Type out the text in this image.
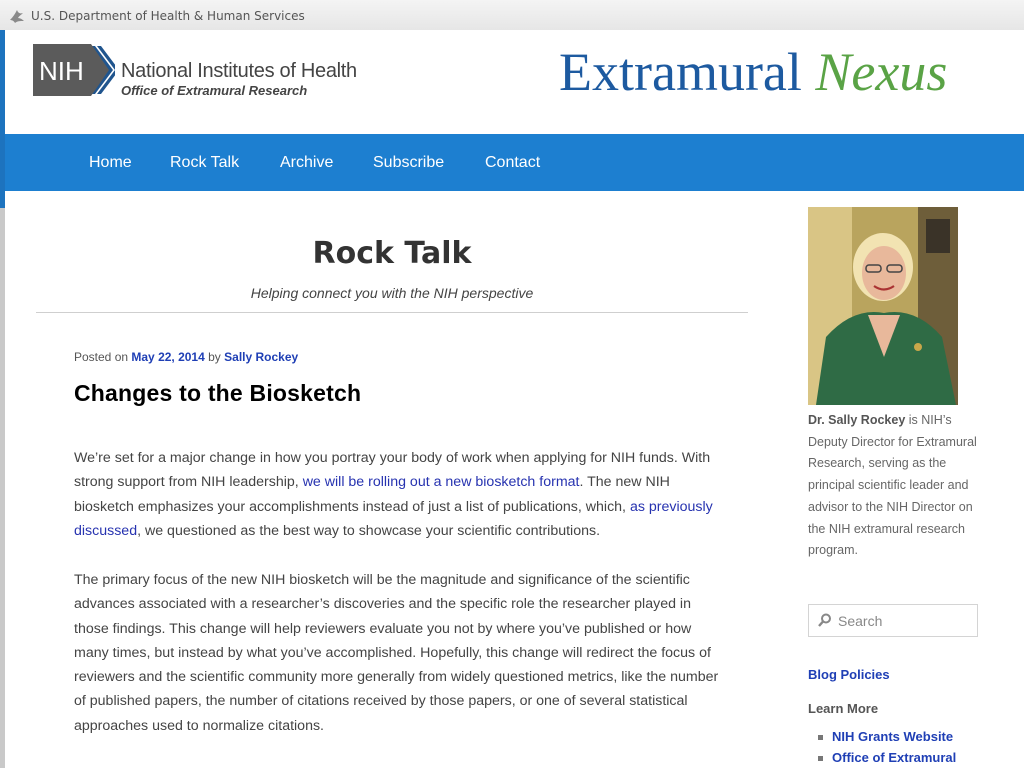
U.S. Department of Health & Human Services
NIH National Institutes of Health
Office of Extramural Research	Extramural Nexus
Home Rock Talk	Archive Subscribe	Contact
Rock Talk
Helping connect you with the NIH perspective
Posted on May 22, 2014 by Sally Rockey
Changes to the Biosketch
We’re set for a major change in how you portray your body of work when applying for NIH funds. With strong support from NIH leadership, we will be rolling out a new biosketch format. The new NIH biosketch emphasizes your accomplishments instead of just a list of publications, which, as previously discussed, we questioned as the best way to showcase your scientific contributions.
The primary focus of the new NIH biosketch will be the magnitude and significance of the scientific advances associated with a researcher’s discoveries and the specific role the researcher played in those findings. This change will help reviewers evaluate you not by where you’ve published or how many times, but instead by what you’ve accomplished. Hopefully, this change will redirect the focus of reviewers and the scientific community more generally from widely questioned metrics, like the number of published papers, the number of citations received by those papers, or one of several statistical approaches used to normalize citations.
Dr. Sally Rockey is NIH’s Deputy Director for Extramural Research, serving as the principal scientific leader and advisor to the NIH Director on the NIH extramural research program.
Search
Blog Policies
Learn More
NIH Grants Website
Office of Extramural
